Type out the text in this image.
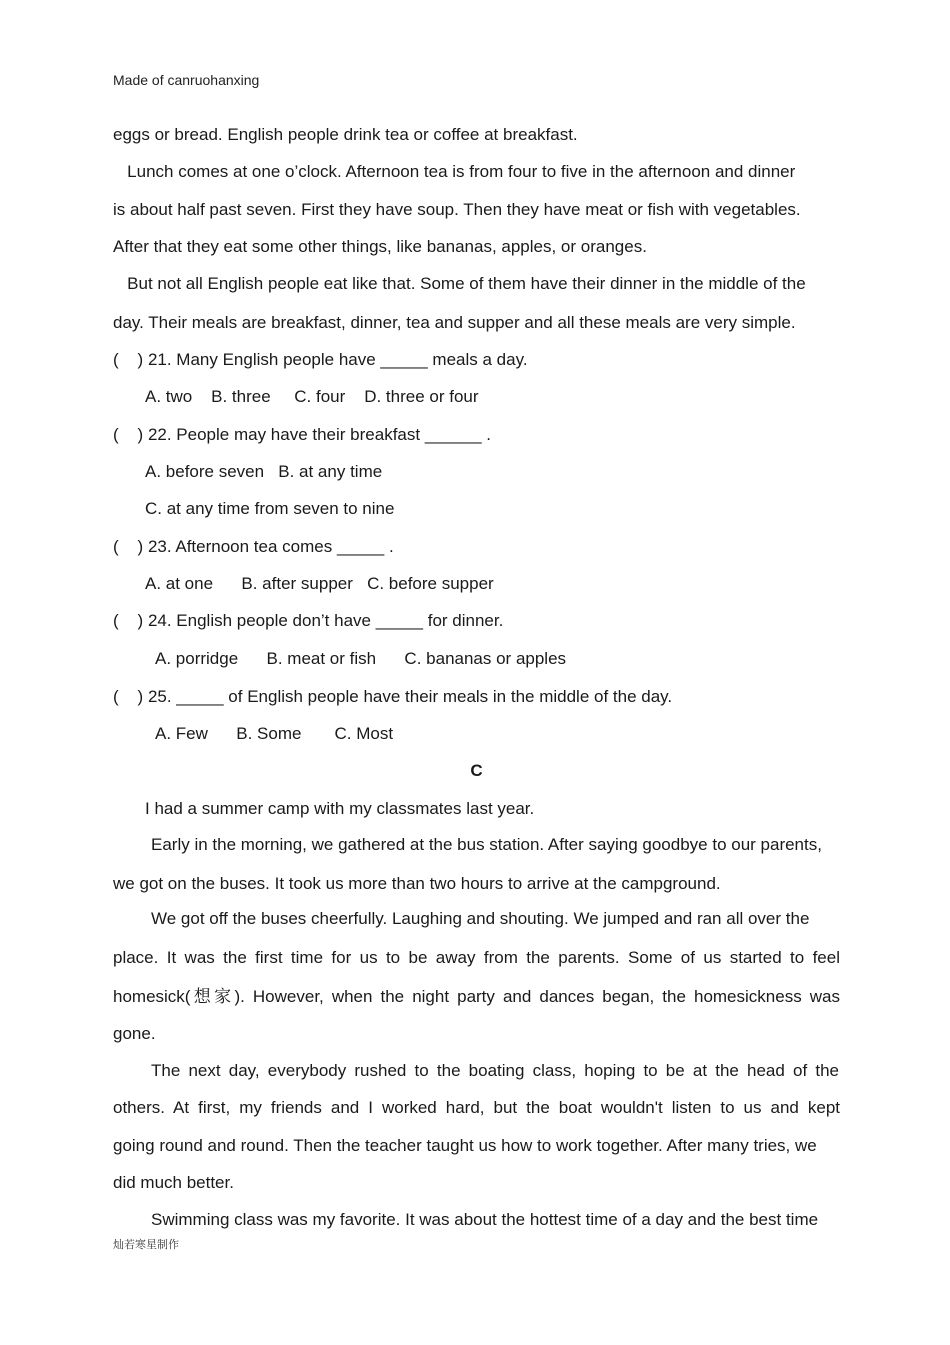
Made of canruohanxing
eggs or bread. English people drink tea or coffee at breakfast.
Lunch comes at one o’clock. Afternoon tea is from four to five in the afternoon and dinner
is about half past seven. First they have soup. Then they have meat or fish with vegetables.
After that they eat some other things, like bananas, apples, or oranges.
But not all English people eat like that. Some of them have their dinner in the middle of the
day. Their meals are breakfast, dinner, tea and supper and all these meals are very simple.
(    ) 21. Many English people have _____ meals a day.
A. two    B. three     C. four    D. three or four
(    ) 22. People may have their breakfast ______ .
A. before seven   B. at any time
C. at any time from seven to nine
(    ) 23. Afternoon tea comes _____ .
A. at one      B. after supper   C. before supper
(    ) 24. English people don’t have _____ for dinner.
A. porridge      B. meat or fish      C. bananas or apples
(    ) 25. _____ of English people have their meals in the middle of the day.
A. Few      B. Some       C. Most
C
I had a summer camp with my classmates last year.
Early in the morning, we gathered at the bus station. After saying goodbye to our parents,
we got on the buses. It took us more than two hours to arrive at the campground.
We got off the buses cheerfully. Laughing and shouting. We jumped and ran all over the
place. It was the first time for us to be away from the parents. Some of us started to feel
homesick(想家). However, when the night party and dances began, the homesickness was
gone.
The next day, everybody rushed to the boating class, hoping to be at the head of the
others. At first, my friends and I worked hard, but the boat wouldn't listen to us and kept
going round and round. Then the teacher taught us how to work together. After many tries, we
did much better.
Swimming class was my favorite. It was about the hottest time of a day and the best time
灿若寒星制作
